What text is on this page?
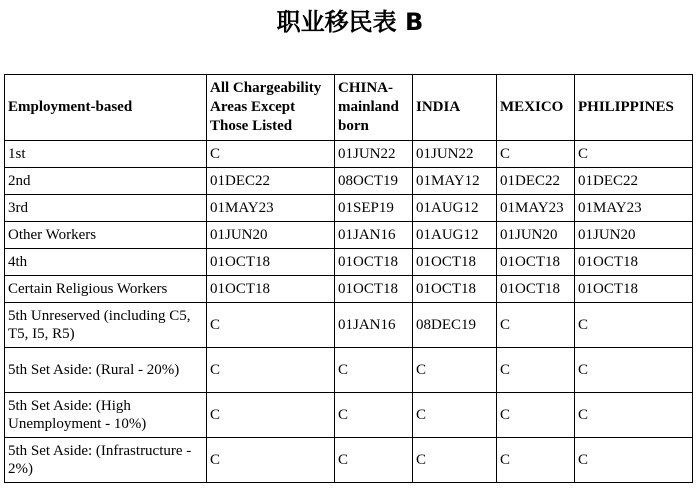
职业移民表 B
Employment-based	All Chargeability Areas Except Those Listed	CHINA-mainland born	INDIA	MEXICO	PHILIPPINES
1st	C	01JUN22	01JUN22	C	C
2nd	01DEC22	08OCT19	01MAY12	01DEC22	01DEC22
3rd	01MAY23	01SEP19	01AUG12	01MAY23	01MAY23
Other Workers	01JUN20	01JAN16	01AUG12	01JUN20	01JUN20
4th	01OCT18	01OCT18	01OCT18	01OCT18	01OCT18
Certain Religious Workers	01OCT18	01OCT18	01OCT18	01OCT18	01OCT18
5th Unreserved (including C5, T5, I5, R5)	C	01JAN16	08DEC19	C	C
5th Set Aside: (Rural - 20%)	C	C	C	C	C
5th Set Aside: (High Unemployment - 10%)	C	C	C	C	C
5th Set Aside: (Infrastructure - 2%)	C	C	C	C	C
